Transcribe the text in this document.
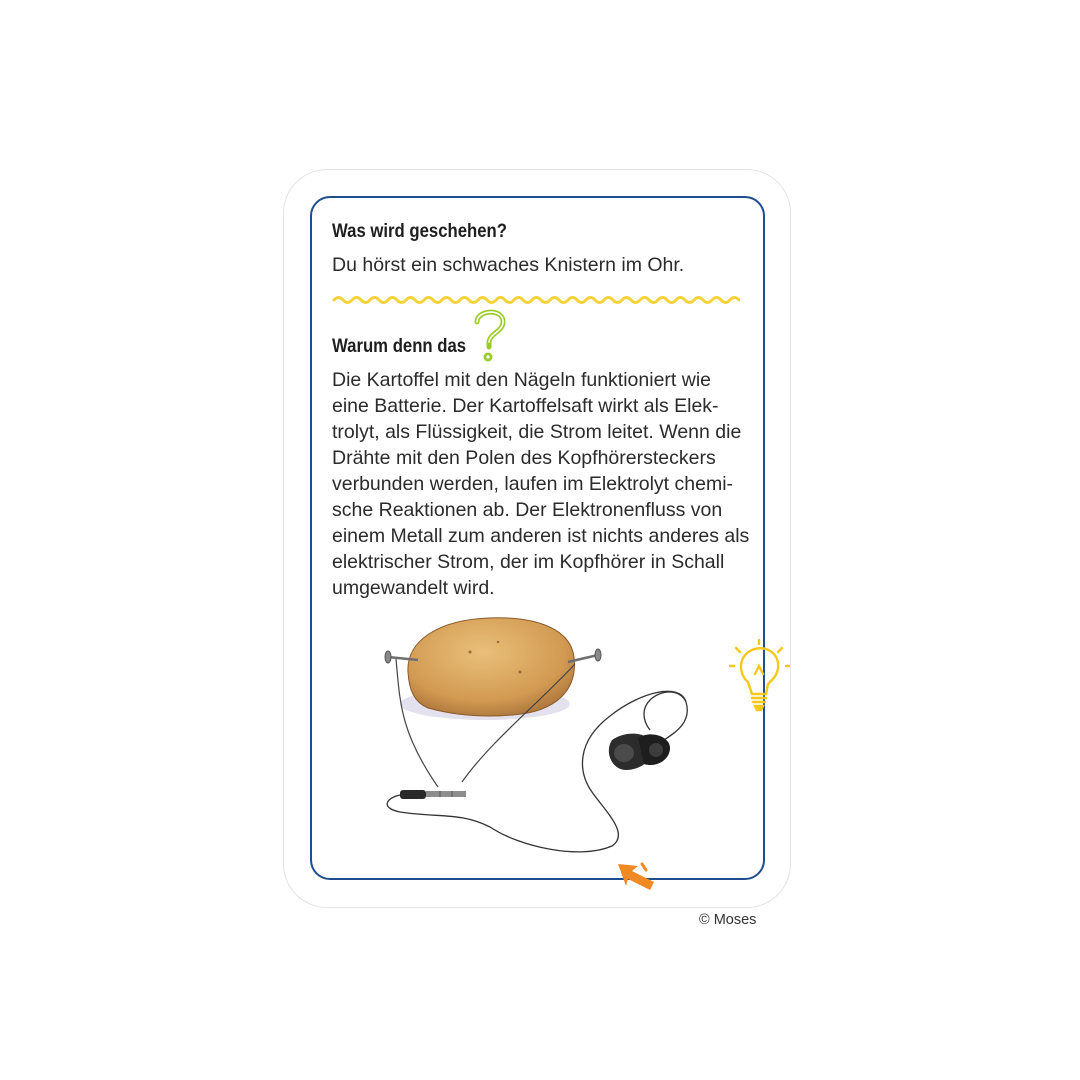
Was wird geschehen?
Du hörst ein schwaches Knistern im Ohr.
Warum denn das

Die Kartoffel mit den Nägeln funktioniert wie
eine Batterie. Der Kartoffelsaft wirkt als Elek-
trolyt, als Flüssigkeit, die Strom leitet. Wenn die
Drähte mit den Polen des Kopfhörersteckers
verbunden werden, laufen im Elektrolyt chemi-
sche Reaktionen ab. Der Elektronenfluss von
einem Metall zum anderen ist nichts anderes als
elektrischer Strom, der im Kopfhörer in Schall
umgewandelt wird.

© Moses
